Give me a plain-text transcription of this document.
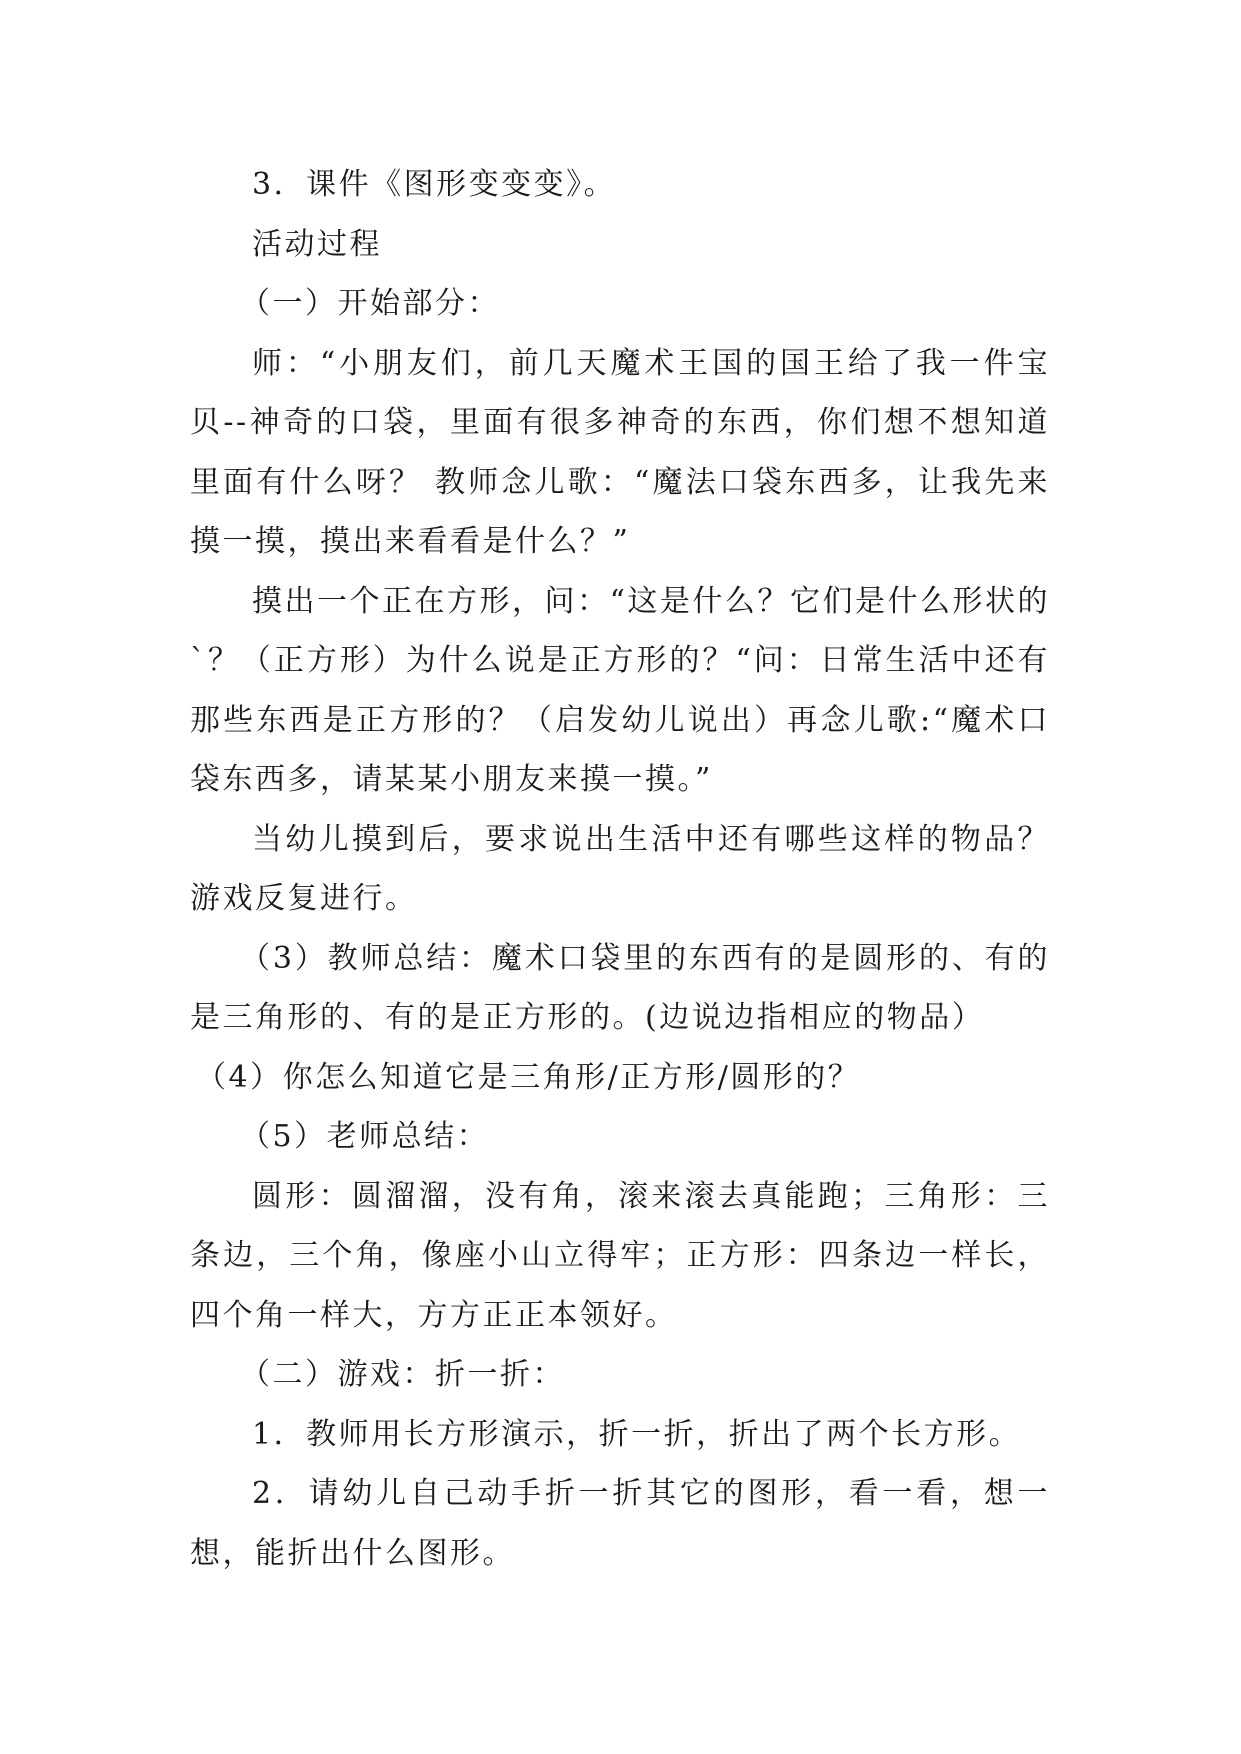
3．课件《图形变变变》。

活动过程

（一）开始部分：

师：“小朋友们，前几天魔术王国的国王给了我一件宝贝--神奇的口袋，里面有很多神奇的东西，你们想不想知道里面有什么呀？ 教师念儿歌：“魔法口袋东西多，让我先来摸一摸，摸出来看看是什么？”

摸出一个正在方形，问：“这是什么？它们是什么形状的`？（正方形）为什么说是正方形的？“问：日常生活中还有那些东西是正方形的？（启发幼儿说出）再念儿歌:“魔术口袋东西多，请某某小朋友来摸一摸。”

当幼儿摸到后，要求说出生活中还有哪些这样的物品？游戏反复进行。

（3）教师总结：魔术口袋里的东西有的是圆形的、有的是三角形的、有的是正方形的。(边说边指相应的物品）

（4）你怎么知道它是三角形/正方形/圆形的？

（5）老师总结：

圆形：圆溜溜，没有角，滚来滚去真能跑；三角形：三条边，三个角，像座小山立得牢；正方形：四条边一样长，四个角一样大，方方正正本领好。

（二）游戏：折一折：

1．教师用长方形演示，折一折，折出了两个长方形。

2．请幼儿自己动手折一折其它的图形，看一看，想一想，能折出什么图形。
